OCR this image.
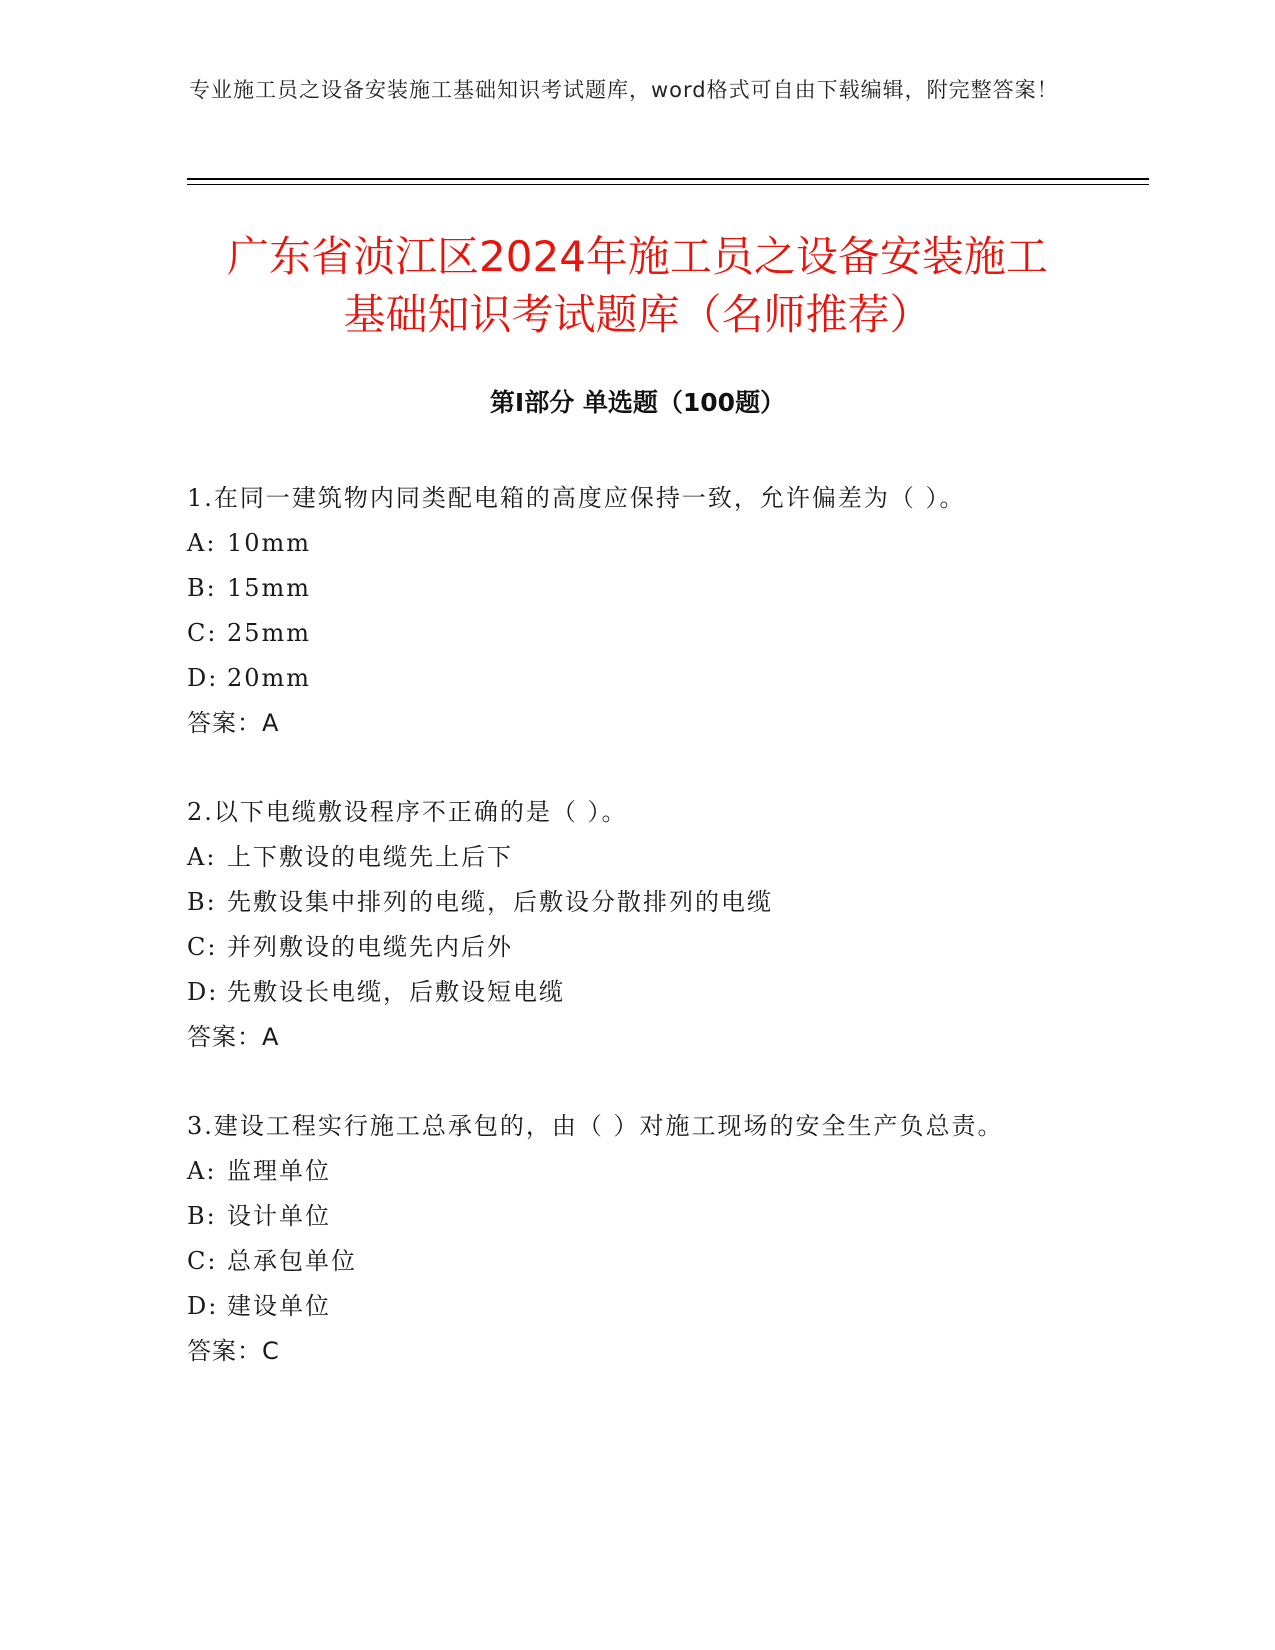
专业施工员之设备安装施工基础知识考试题库，word格式可自由下载编辑，附完整答案！
广东省浈江区2024年施工员之设备安装施工
基础知识考试题库（名师推荐）
第Ⅰ部分 单选题（100题）
1.在同一建筑物内同类配电箱的高度应保持一致，允许偏差为（ ）。
A: 10mm
B: 15mm
C: 25mm
D: 20mm
答案：A
2.以下电缆敷设程序不正确的是（ ）。
A: 上下敷设的电缆先上后下
B: 先敷设集中排列的电缆，后敷设分散排列的电缆
C: 并列敷设的电缆先内后外
D: 先敷设长电缆，后敷设短电缆
答案：A
3.建设工程实行施工总承包的，由（ ）对施工现场的安全生产负总责。
A: 监理单位
B: 设计单位
C: 总承包单位
D: 建设单位
答案：C
